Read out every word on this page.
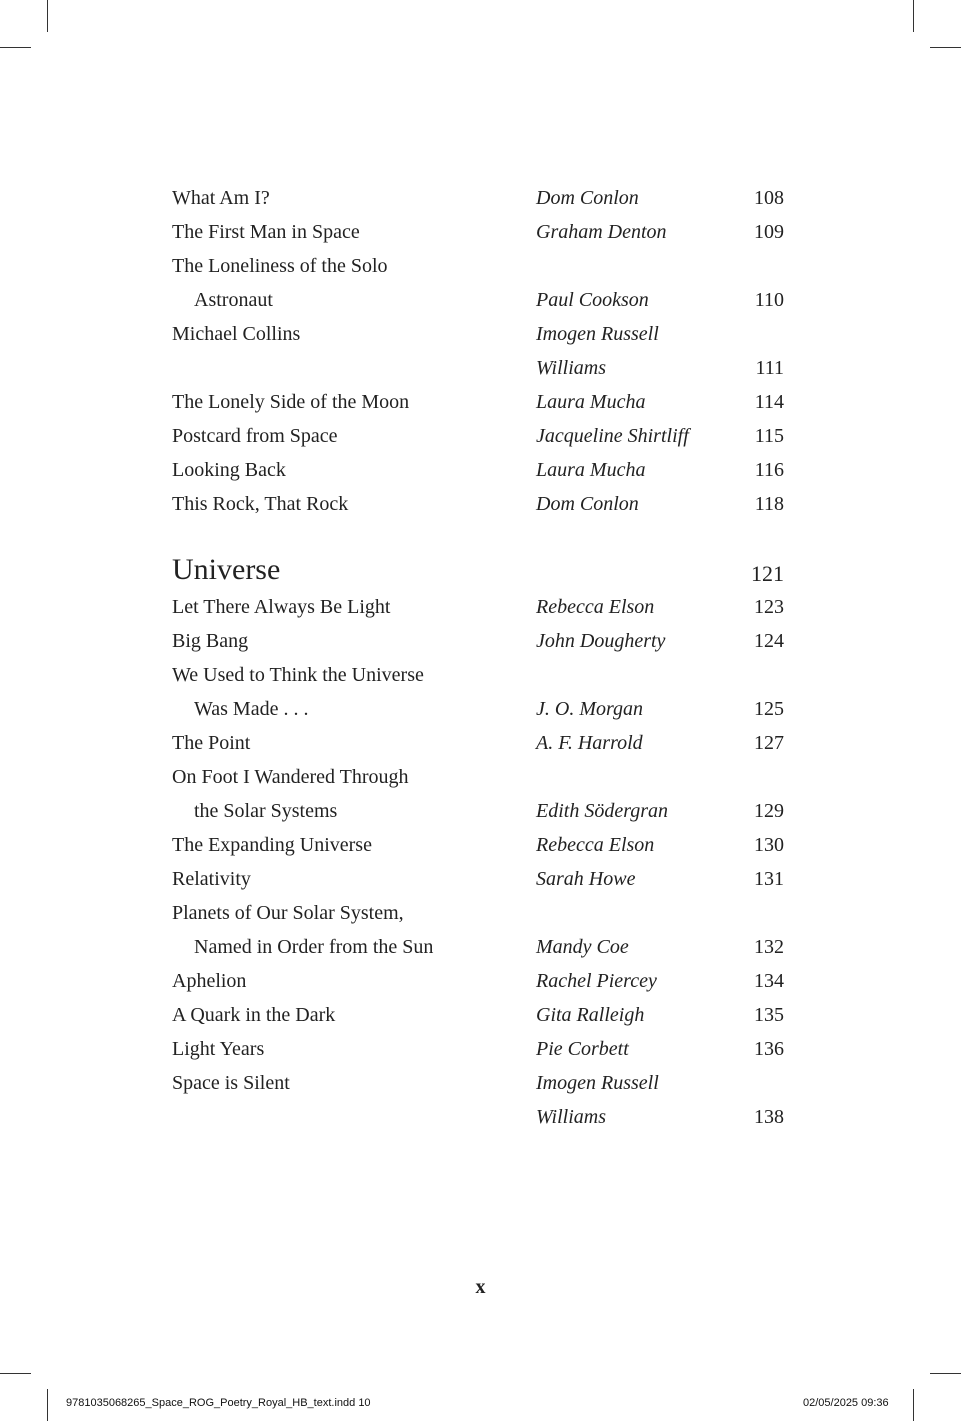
What Am I?	Dom Conlon	108
The First Man in Space	Graham Denton	109
The Loneliness of the Solo
Astronaut	Paul Cookson	110
Michael Collins	Imogen Russell
Williams	111
The Lonely Side of the Moon	Laura Mucha	114
Postcard from Space	Jacqueline Shirtliff	115
Looking Back	Laura Mucha	116
This Rock, That Rock	Dom Conlon	118
Universe	121
Let There Always Be Light	Rebecca Elson	123
Big Bang	John Dougherty	124
We Used to Think the Universe
Was Made . . .	J. O. Morgan	125
The Point	A. F. Harrold	127
On Foot I Wandered Through
the Solar Systems	Edith Södergran	129
The Expanding Universe	Rebecca Elson	130
Relativity	Sarah Howe	131
Planets of Our Solar System,
Named in Order from the Sun	Mandy Coe	132
Aphelion	Rachel Piercey	134
A Quark in the Dark	Gita Ralleigh	135
Light Years	Pie Corbett	136
Space is Silent	Imogen Russell
Williams	138
x
9781035068265_Space_ROG_Poetry_Royal_HB_text.indd 10	02/05/2025 09:36
